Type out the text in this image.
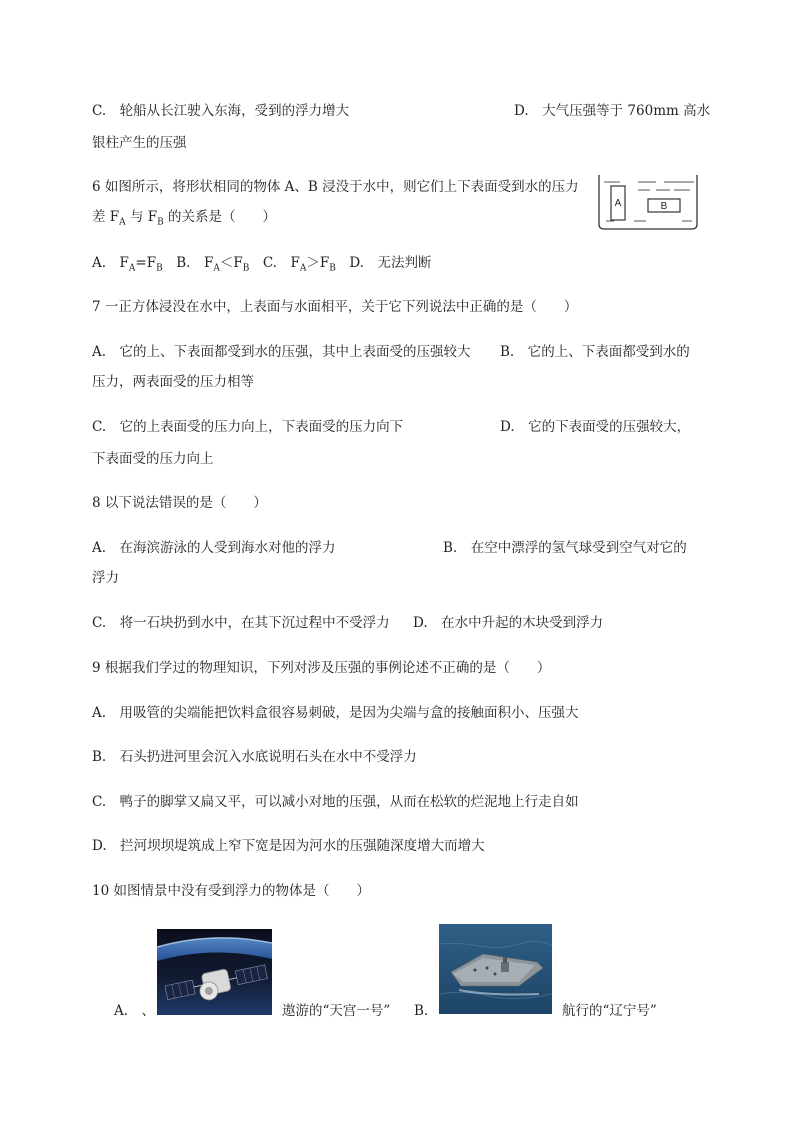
C.　轮船从长江驶入东海，受到的浮力增大	D.　大气压强等于 760mm 高水
银柱产生的压强
6 如图所示，将形状相同的物体 A、B 浸没于水中，则它们上下表面受到水的压力
差 $F_A$ 与 $F_B$ 的关系是（　　）
A	B
A.　$F_A=F_B$　B.　$F_A<F_B$　C.　$F_A>F_B$　D.　无法判断
7 一正方体浸没在水中，上表面与水面相平，关于它下列说法中正确的是（　　）
A.　它的上、下表面都受到水的压强，其中上表面受的压强较大 B.　它的上、下表面都受到水的
压力，两表面受的压力相等
C.　它的上表面受的压力向上，下表面受的压力向下	D.　它的下表面受的压强较大，
下表面受的压力向上
8 以下说法错误的是（　　）
A.　在海滨游泳的人受到海水对他的浮力	B.　在空中漂浮的氢气球受到空气对它的
浮力
C.　将一石块扔到水中，在其下沉过程中不受浮力 D.　在水中升起的木块受到浮力
9 根据我们学过的物理知识，下列对涉及压强的事例论述不正确的是（　　）
A.　用吸管的尖端能把饮料盒很容易刺破，是因为尖端与盒的接触面积小、压强大
B.　石头扔进河里会沉入水底说明石头在水中不受浮力
C.　鸭子的脚掌又扁又平，可以减小对地的压强，从而在松软的烂泥地上行走自如
D.　拦河坝坝堤筑成上窄下宽是因为河水的压强随深度增大而增大
10 如图情景中没有受到浮力的物体是（　　）
A.　、	遨游的“天宫一号” B.	航行的“辽宁号”
